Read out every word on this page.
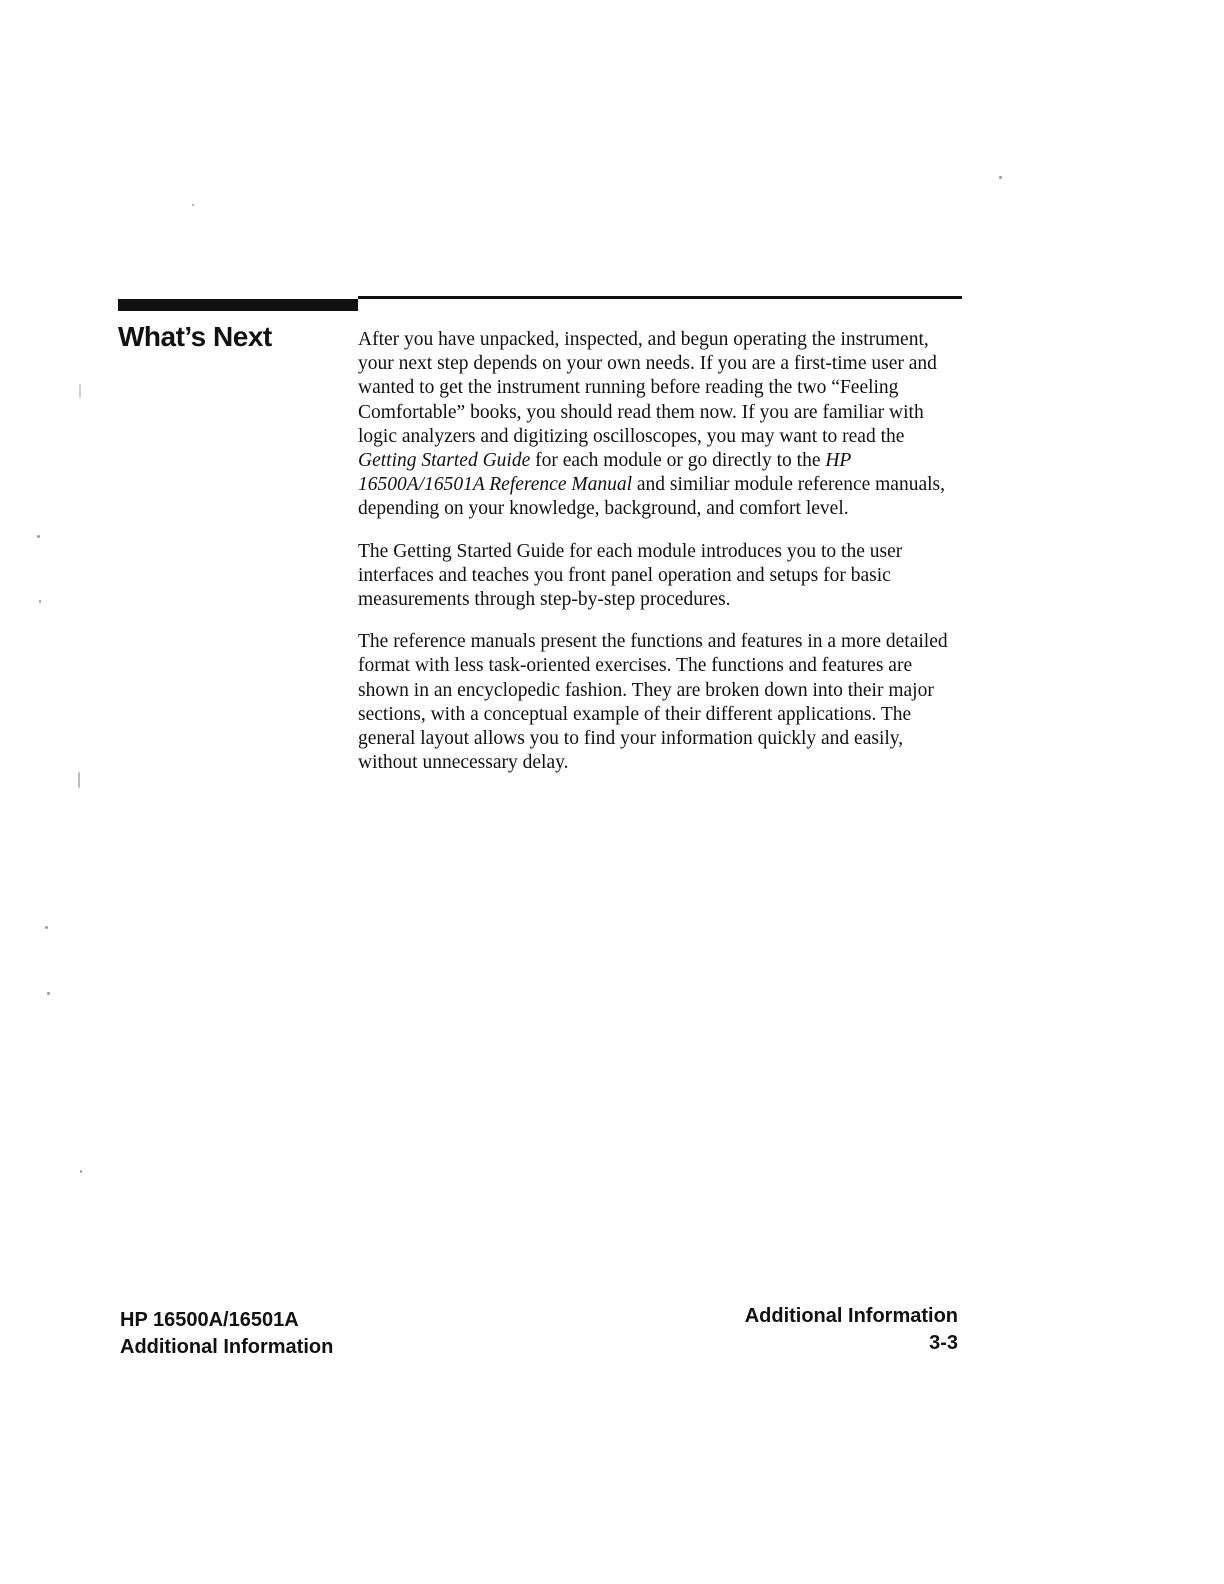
What’s Next	After you have unpacked, inspected, and begun operating the instrument, your next step depends on your own needs. If you are a first-time user and wanted to get the instrument running before reading the two “Feeling Comfortable” books, you should read them now. If you are familiar with logic analyzers and digitizing oscilloscopes, you may want to read the Getting Started Guide for each module or go directly to the HP 16500A/16501A Reference Manual and similiar module reference manuals, depending on your knowledge, background, and comfort level.

The Getting Started Guide for each module introduces you to the user interfaces and teaches you front panel operation and setups for basic measurements through step-by-step procedures.

The reference manuals present the functions and features in a more detailed format with less task-oriented exercises. The functions and features are shown in an encyclopedic fashion. They are broken down into their major sections, with a conceptual example of their different applications. The general layout allows you to find your information quickly and easily, without unnecessary delay.

HP 16500A/16501A
Additional Information
Additional Information
3-3
